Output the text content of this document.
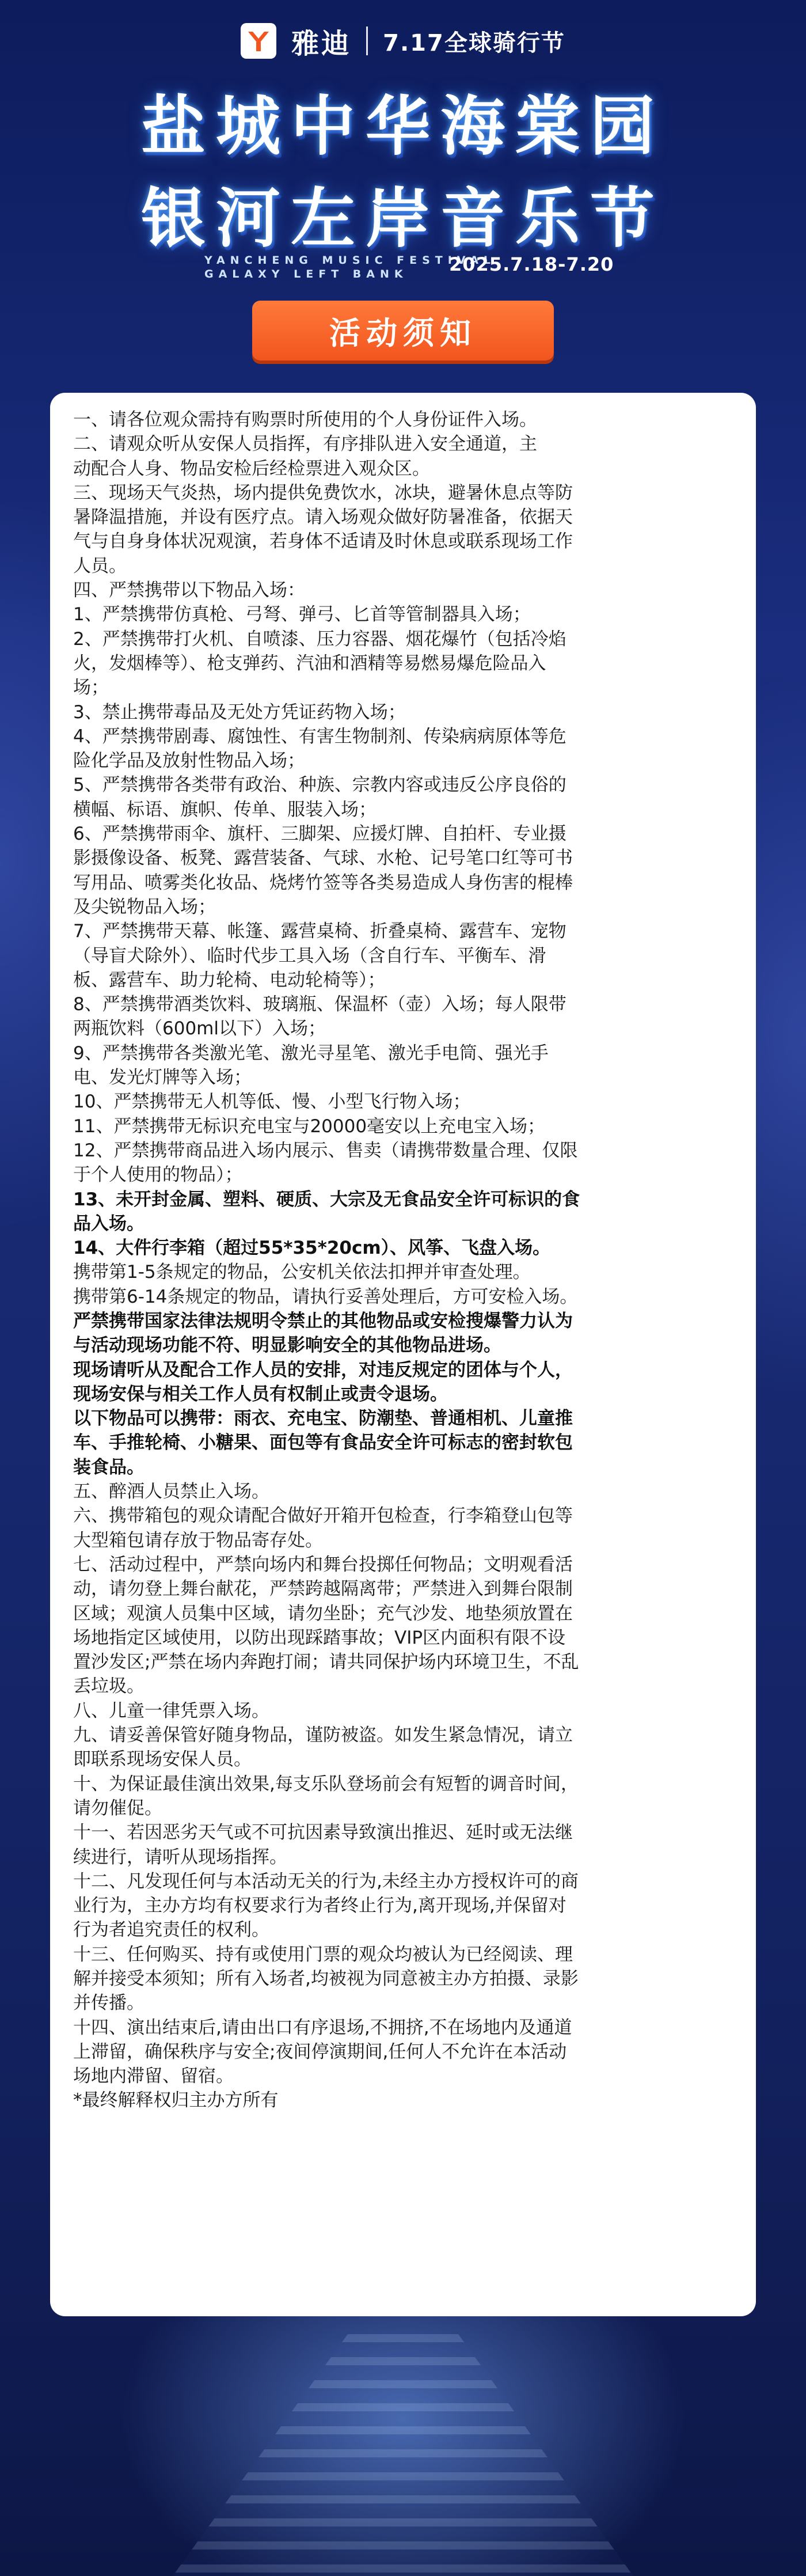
雅迪 7.17全球骑行节
盐城中华海棠园
银河左岸音乐节
YANCHENG MUSIC FESTIVAL
GALAXY LEFT BANK	2025.7.18-7.20
活动须知
一、请各位观众需持有购票时所使用的个人身份证件入场。
二、请观众听从安保人员指挥，有序排队进入安全通道，主
动配合人身、物品安检后经检票进入观众区。
三、现场天气炎热，场内提供免费饮水，冰块，避暑休息点等防
暑降温措施，并设有医疗点。请入场观众做好防暑准备，依据天
气与自身身体状况观演，若身体不适请及时休息或联系现场工作
人员。
四、严禁携带以下物品入场：
1、严禁携带仿真枪、弓弩、弹弓、匕首等管制器具入场；
2、严禁携带打火机、自喷漆、压力容器、烟花爆竹（包括冷焰
火，发烟棒等）、枪支弹药、汽油和酒精等易燃易爆危险品入
场；
3、禁止携带毒品及无处方凭证药物入场；
4、严禁携带剧毒、腐蚀性、有害生物制剂、传染病病原体等危
险化学品及放射性物品入场；
5、严禁携带各类带有政治、种族、宗教内容或违反公序良俗的
横幅、标语、旗帜、传单、服装入场；
6、严禁携带雨伞、旗杆、三脚架、应援灯牌、自拍杆、专业摄
影摄像设备、板凳、露营装备、气球、水枪、记号笔口红等可书
写用品、喷雾类化妆品、烧烤竹签等各类易造成人身伤害的棍棒
及尖锐物品入场；
7、严禁携带天幕、帐篷、露营桌椅、折叠桌椅、露营车、宠物
（导盲犬除外）、临时代步工具入场（含自行车、平衡车、滑
板、露营车、助力轮椅、电动轮椅等）；
8、严禁携带酒类饮料、玻璃瓶、保温杯（壶）入场；每人限带
两瓶饮料（600ml以下）入场；
9、严禁携带各类激光笔、激光寻星笔、激光手电筒、强光手
电、发光灯牌等入场；
10、严禁携带无人机等低、慢、小型飞行物入场；
11、严禁携带无标识充电宝与20000毫安以上充电宝入场；
12、严禁携带商品进入场内展示、售卖（请携带数量合理、仅限
于个人使用的物品）；
13、未开封金属、塑料、硬质、大宗及无食品安全许可标识的食
品入场。
14、大件行李箱（超过55*35*20cm）、风筝、飞盘入场。
携带第1-5条规定的物品，公安机关依法扣押并审查处理。
携带第6-14条规定的物品，请执行妥善处理后，方可安检入场。
严禁携带国家法律法规明令禁止的其他物品或安检搜爆警力认为
与活动现场功能不符、明显影响安全的其他物品进场。
现场请听从及配合工作人员的安排，对违反规定的团体与个人，
现场安保与相关工作人员有权制止或责令退场。
以下物品可以携带：雨衣、充电宝、防潮垫、普通相机、儿童推
车、手推轮椅、小糖果、面包等有食品安全许可标志的密封软包
装食品。
五、醉酒人员禁止入场。
六、携带箱包的观众请配合做好开箱开包检查，行李箱登山包等
大型箱包请存放于物品寄存处。
七、活动过程中，严禁向场内和舞台投掷任何物品；文明观看活
动，请勿登上舞台献花，严禁跨越隔离带；严禁进入到舞台限制
区域；观演人员集中区域，请勿坐卧；充气沙发、地垫须放置在
场地指定区域使用，以防出现踩踏事故；VIP区内面积有限不设
置沙发区;严禁在场内奔跑打闹；请共同保护场内环境卫生，不乱
丢垃圾。
八、儿童一律凭票入场。
九、请妥善保管好随身物品，谨防被盗。如发生紧急情况，请立
即联系现场安保人员。
十、为保证最佳演出效果,每支乐队登场前会有短暂的调音时间，
请勿催促。
十一、若因恶劣天气或不可抗因素导致演出推迟、延时或无法继
续进行，请听从现场指挥。
十二、凡发现任何与本活动无关的行为,未经主办方授权许可的商
业行为，主办方均有权要求行为者终止行为,离开现场,并保留对
行为者追究责任的权利。
十三、任何购买、持有或使用门票的观众均被认为已经阅读、理
解并接受本须知；所有入场者,均被视为同意被主办方拍摄、录影
并传播。
十四、演出结束后,请由出口有序退场,不拥挤,不在场地内及通道
上滞留，确保秩序与安全;夜间停演期间,任何人不允许在本活动
场地内滞留、留宿。
*最终解释权归主办方所有
